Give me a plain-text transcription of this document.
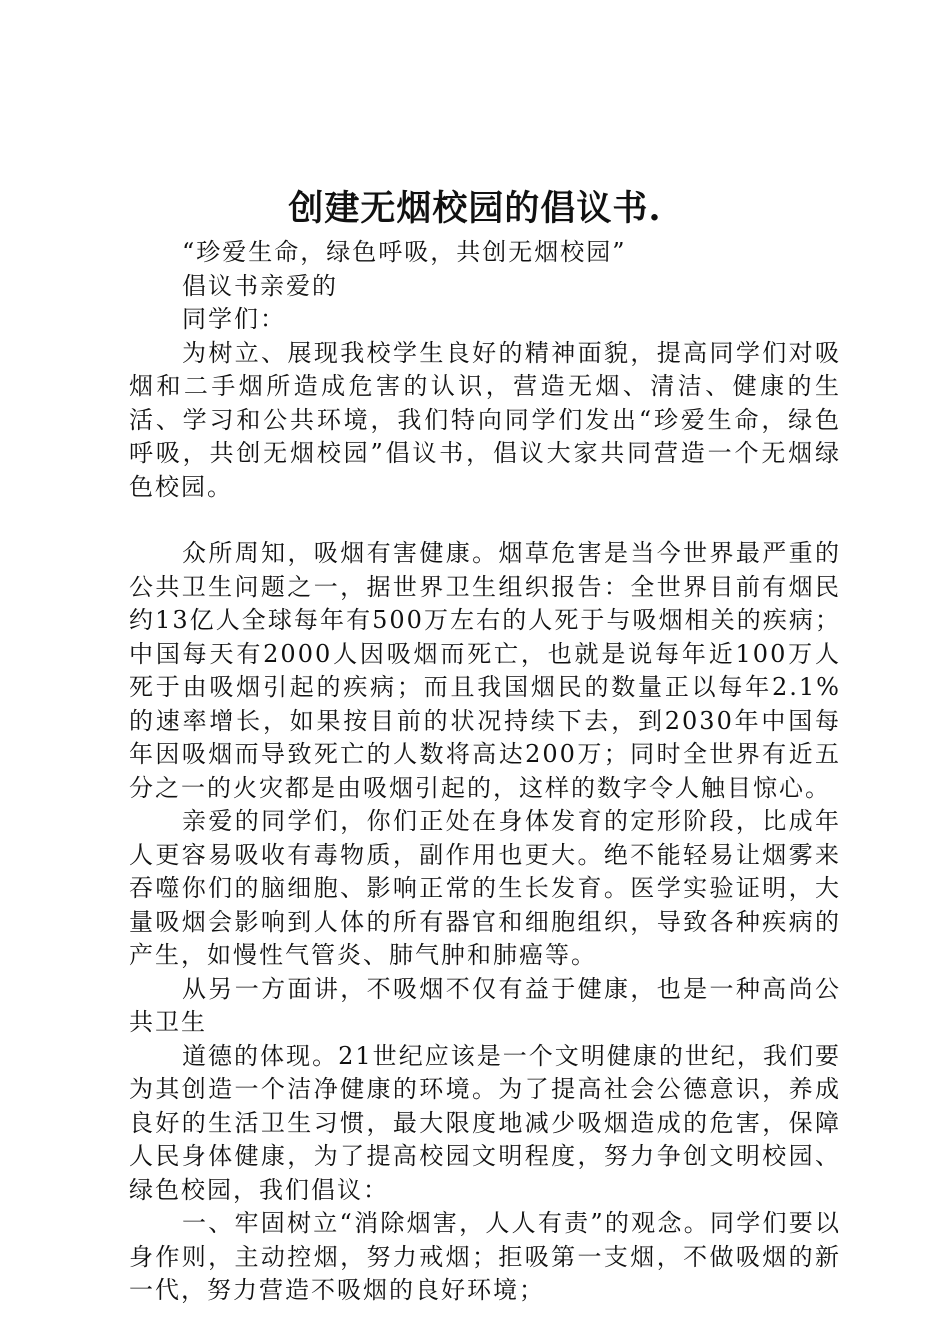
创建无烟校园的倡议书.

“珍爱生命，绿色呼吸，共创无烟校园”

倡议书亲爱的

同学们：

为树立、展现我校学生良好的精神面貌，提高同学们对吸烟和二手烟所造成危害的认识，营造无烟、清洁、健康的生活、学习和公共环境，我们特向同学们发出“珍爱生命，绿色呼吸，共创无烟校园”倡议书，倡议大家共同营造一个无烟绿色校园。

众所周知，吸烟有害健康。烟草危害是当今世界最严重的公共卫生问题之一，据世界卫生组织报告：全世界目前有烟民约13亿人全球每年有500万左右的人死于与吸烟相关的疾病；中国每天有2000人因吸烟而死亡，也就是说每年近100万人死于由吸烟引起的疾病；而且我国烟民的数量正以每年2.1%的速率增长，如果按目前的状况持续下去，到2030年中国每年因吸烟而导致死亡的人数将高达200万；同时全世界有近五分之一的火灾都是由吸烟引起的，这样的数字令人触目惊心。

亲爱的同学们，你们正处在身体发育的定形阶段，比成年人更容易吸收有毒物质，副作用也更大。绝不能轻易让烟雾来吞噬你们的脑细胞、影响正常的生长发育。医学实验证明，大量吸烟会影响到人体的所有器官和细胞组织，导致各种疾病的产生，如慢性气管炎、肺气肿和肺癌等。

从另一方面讲，不吸烟不仅有益于健康，也是一种高尚公共卫生

道德的体现。21世纪应该是一个文明健康的世纪，我们要为其创造一个洁净健康的环境。为了提高社会公德意识，养成良好的生活卫生习惯，最大限度地减少吸烟造成的危害，保障人民身体健康，为了提高校园文明程度，努力争创文明校园、绿色校园，我们倡议：

一、牢固树立“消除烟害，人人有责”的观念。同学们要以身作则，主动控烟，努力戒烟；拒吸第一支烟，不做吸烟的新一代，努力营造不吸烟的良好环境；
